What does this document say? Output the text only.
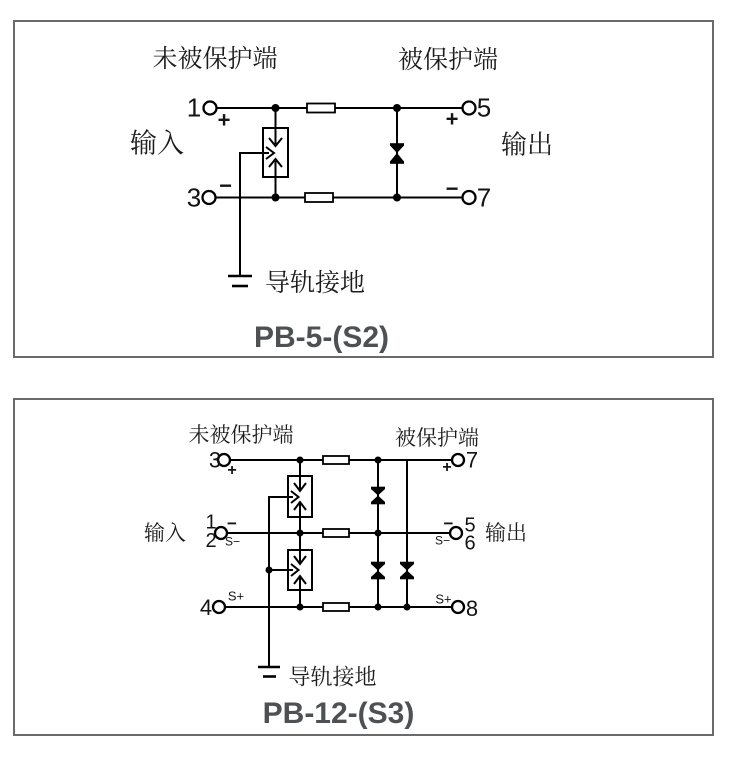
未被保护端	被保护端
输入	输出
1
3
5
7
+	+
−	−
导轨接地
PB-5-(S2)
未被保护端	被保护端
输入	输出
3	7
1
2
5
6
4	8
+	+
−	−
S−	S−
S+	S+
导轨接地
PB-12-(S3)
